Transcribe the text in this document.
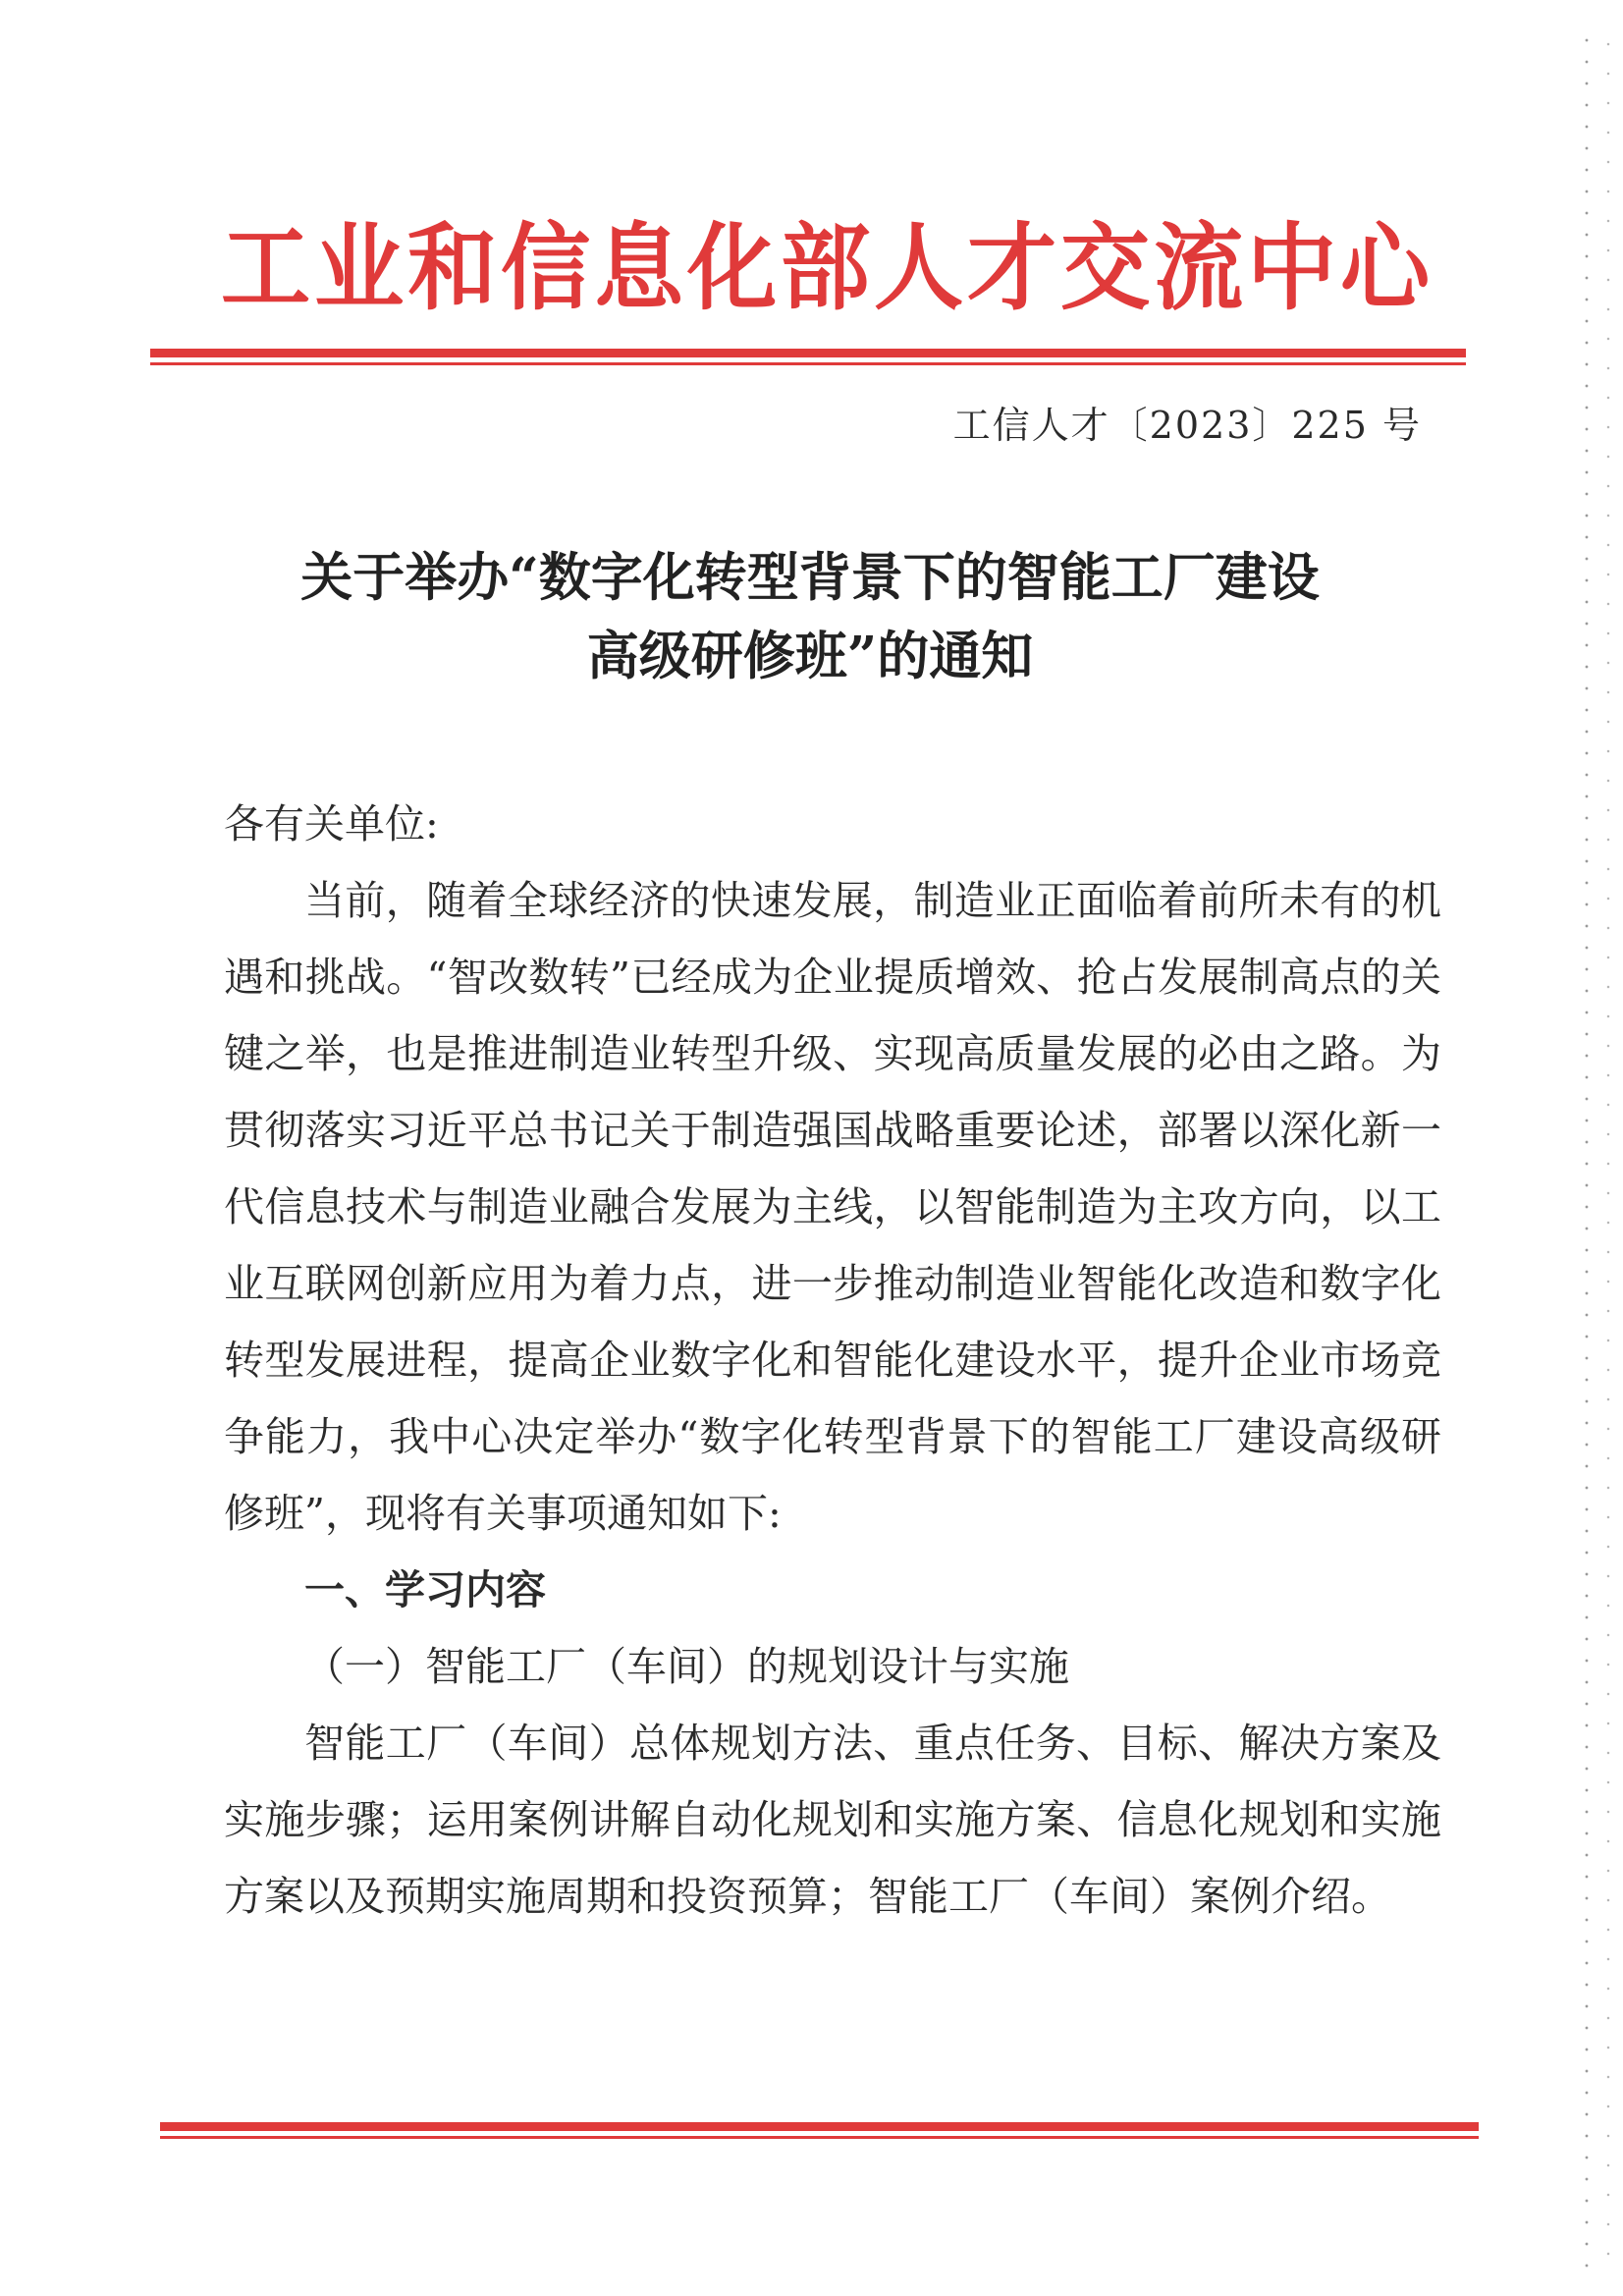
工业和信息化部人才交流中心
工信人才〔2023〕225 号
关于举办“数字化转型背景下的智能工厂建设
高级研修班”的通知

各有关单位:

当前，随着全球经济的快速发展，制造业正面临着前所未有的机遇和挑战。“智改数转”已经成为企业提质增效、抢占发展制高点的关键之举，也是推进制造业转型升级、实现高质量发展的必由之路。为贯彻落实习近平总书记关于制造强国战略重要论述，部署以深化新一代信息技术与制造业融合发展为主线，以智能制造为主攻方向，以工业互联网创新应用为着力点，进一步推动制造业智能化改造和数字化转型发展进程，提高企业数字化和智能化建设水平，提升企业市场竞争能力，我中心决定举办“数字化转型背景下的智能工厂建设高级研修班”，现将有关事项通知如下:

一、学习内容

（一）智能工厂（车间）的规划设计与实施

智能工厂（车间）总体规划方法、重点任务、目标、解决方案及实施步骤；运用案例讲解自动化规划和实施方案、信息化规划和实施方案以及预期实施周期和投资预算；智能工厂（车间）案例介绍。
